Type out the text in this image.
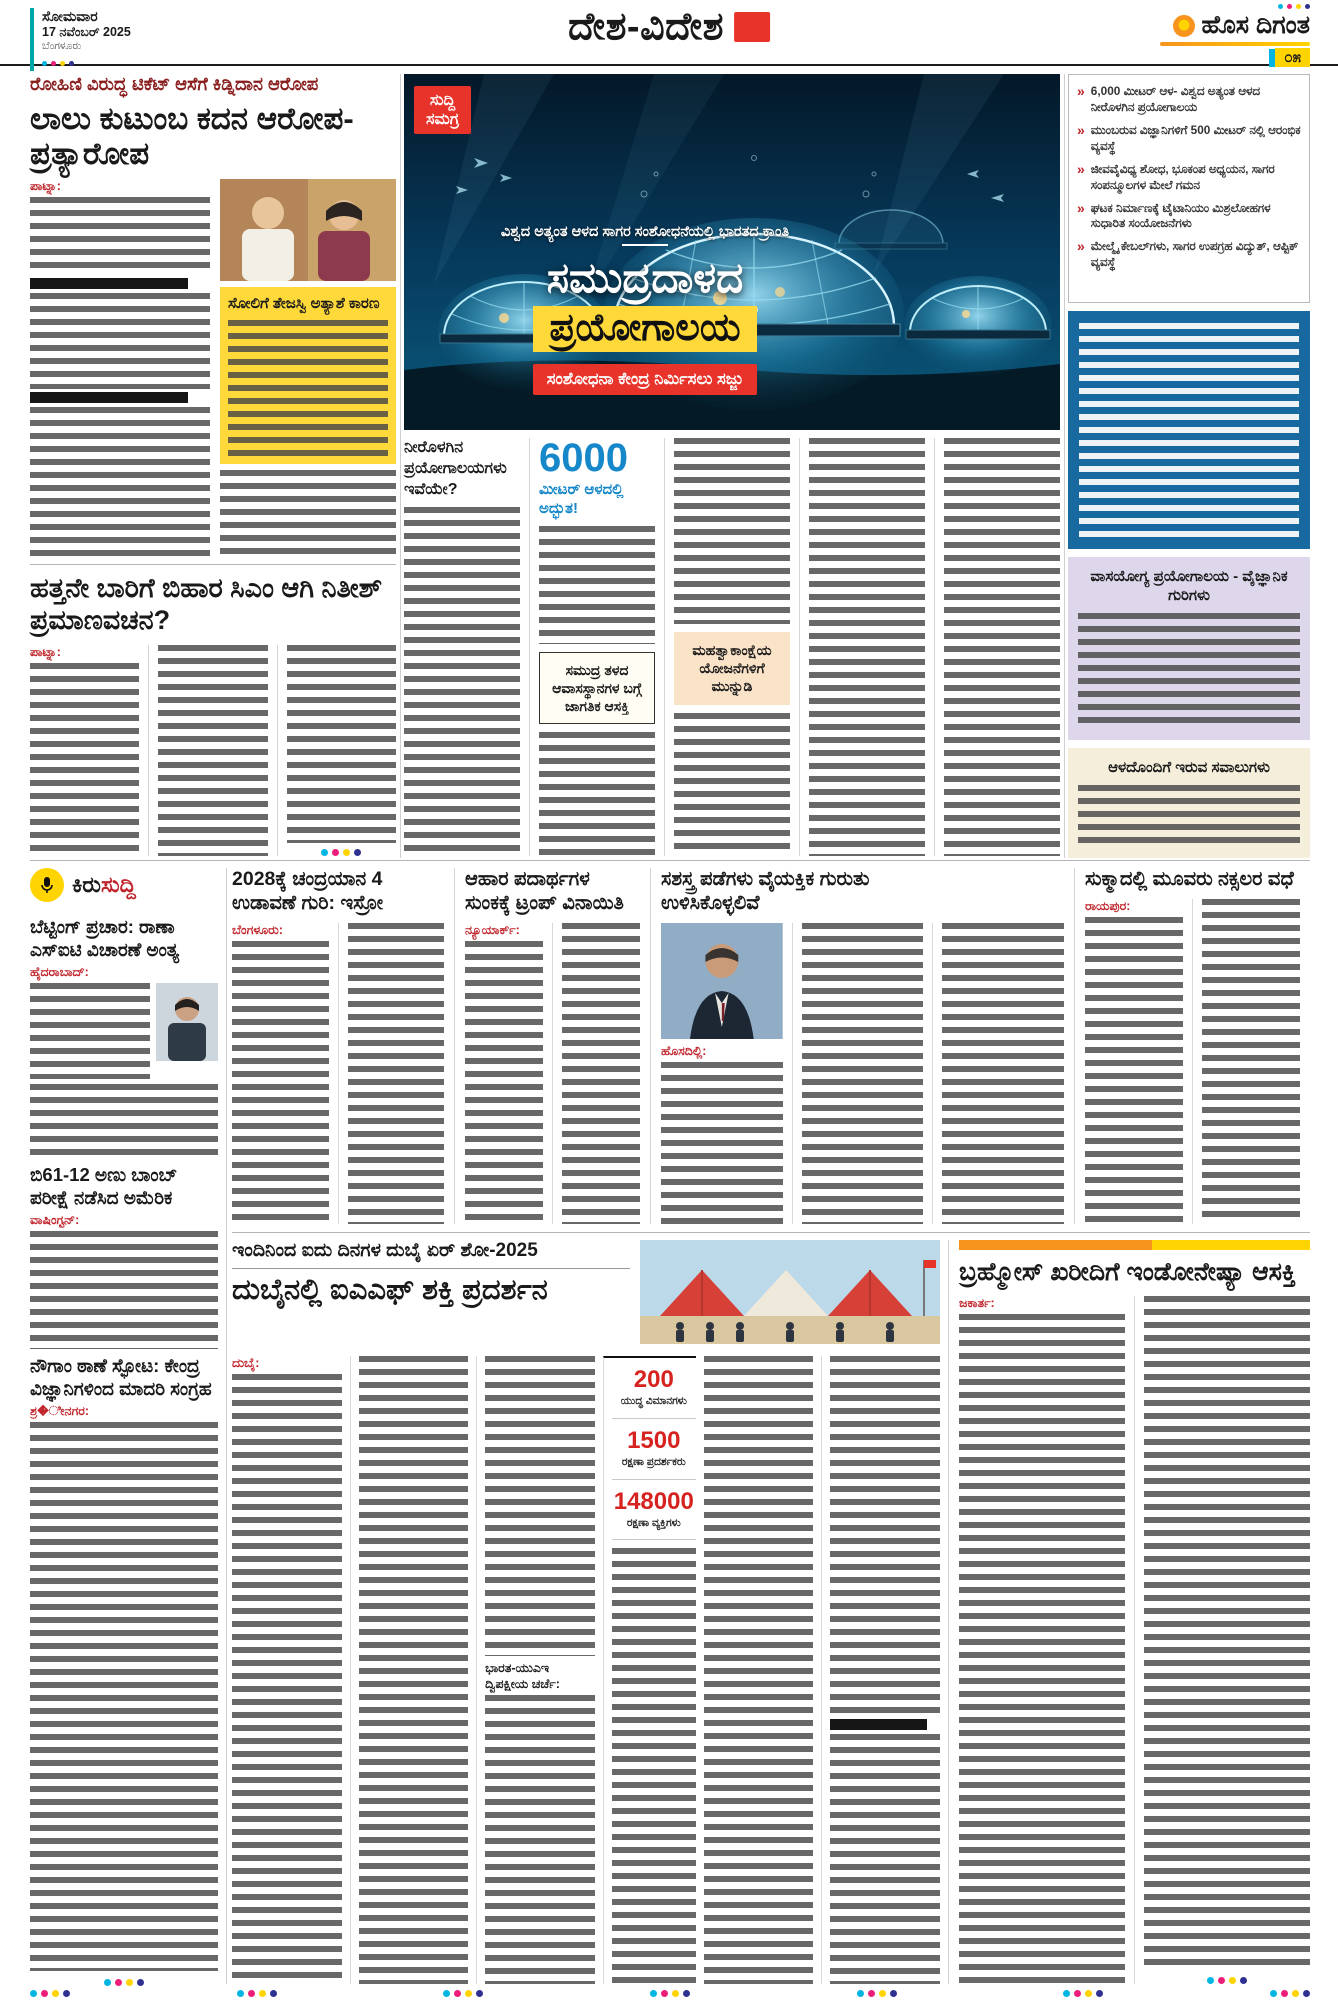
ಸೋಮವಾರ
17 ನವೆಂಬರ್ 2025
ಬೆಂಗಳೂರು	ದೇಶ-ವಿದೇಶ	ಹೊಸ ದಿಗಂತ
೦೫
ರೋಹಿಣಿ ವಿರುದ್ಧ ಟಿಕೆಟ್ ಆಸೆಗೆ ಕಿಡ್ನಿದಾನ ಆರೋಪ
ಲಾಲು ಕುಟುಂಬ ಕದನ ಆರೋಪ-ಪ್ರತ್ಯಾರೋಪ
ಪಾಟ್ನಾ:
ಸೋಲಿಗೆ ತೇಜಸ್ವಿ ಅತ್ಯಾಶೆ ಕಾರಣ
ಹತ್ತನೇ ಬಾರಿಗೆ ಬಿಹಾರ ಸಿಎಂ ಆಗಿ ನಿತೀಶ್ ಪ್ರಮಾಣವಚನ?
ಪಾಟ್ನಾ:
ಸುದ್ದಿ
ಸಮಗ್ರ
ವಿಶ್ವದ ಅತ್ಯಂತ ಆಳದ ಸಾಗರ ಸಂಶೋಧನೆಯಲ್ಲಿ ಭಾರತದ ಕ್ರಾಂತಿ
ಸಮುದ್ರದಾಳದ
ಪ್ರಯೋಗಾಲಯ
ಸಂಶೋಧನಾ ಕೇಂದ್ರ ನಿರ್ಮಿಸಲು ಸಜ್ಜು
ನೀರೊಳಗಿನ ಪ್ರಯೋಗಾಲಯಗಳು ಇವೆಯೇ?
6000
ಮೀಟರ್ ಆಳದಲ್ಲಿ ಅದ್ಭುತ!
ಸಮುದ್ರ ತಳದ ಆವಾಸಸ್ಥಾನಗಳ ಬಗ್ಗೆ ಜಾಗತಿಕ ಆಸಕ್ತಿ
ಮಹತ್ವಾಕಾಂಕ್ಷೆಯ ಯೋಜನೆಗಳಿಗೆ ಮುನ್ನುಡಿ
» 6,000 ಮೀಟರ್ ಆಳ- ವಿಶ್ವದ ಅತ್ಯಂತ ಆಳದ ನೀರೊಳಗಿನ ಪ್ರಯೋಗಾಲಯ
» ಮುಂಬರುವ ವಿಜ್ಞಾನಿಗಳಿಗೆ 500 ಮೀಟರ್ ನಲ್ಲಿ ಆರಂಭಿಕ ವ್ಯವಸ್ಥೆ
» ಜೀವವೈವಿಧ್ಯ ಶೋಧ, ಭೂಕಂಪ ಅಧ್ಯಯನ, ಸಾಗರ ಸಂಪನ್ಮೂಲಗಳ ಮೇಲೆ ಗಮನ
» ಘಟಕ ನಿರ್ಮಾಣಕ್ಕೆ ಟೈಟಾನಿಯಂ ಮಿಶ್ರಲೋಹಗಳ ಸುಧಾರಿತ ಸಂಯೋಜನೆಗಳು
» ಮೇಲ್ಮೈ ಕೇಬಲ್‌ಗಳು, ಸಾಗರ ಉಪಗ್ರಹ ವಿದ್ಯುತ್, ಆಪ್ಟಿಕ್ ವ್ಯವಸ್ಥೆ
ವಾಸಯೋಗ್ಯ ಪ್ರಯೋಗಾಲಯ - ವೈಜ್ಞಾನಿಕ ಗುರಿಗಳು
ಆಳದೊಂದಿಗೆ ಇರುವ ಸವಾಲುಗಳು
ಕಿರುಸುದ್ದಿ
ಬೆಟ್ಟಿಂಗ್ ಪ್ರಚಾರ: ರಾಣಾ ಎಸ್‌ಐಟಿ ವಿಚಾರಣೆ ಅಂತ್ಯ
ಹೈದರಾಬಾದ್:
ಬಿ61-12 ಅಣು ಬಾಂಬ್ ಪರೀಕ್ಷೆ ನಡೆಸಿದ ಅಮೆರಿಕ
ವಾಷಿಂಗ್ಟನ್:
ನೌಗಾಂ ಠಾಣೆ ಸ್ಫೋಟ: ಕೇಂದ್ರ ವಿಜ್ಞಾನಿಗಳಿಂದ ಮಾದರಿ ಸಂಗ್ರಹ
ಶ್ರ�ೀನಗರ:
2028ಕ್ಕೆ ಚಂದ್ರಯಾನ 4 ಉಡಾವಣೆ ಗುರಿ: ಇಸ್ರೋ
ಬೆಂಗಳೂರು:
ಆಹಾರ ಪದಾರ್ಥಗಳ ಸುಂಕಕ್ಕೆ ಟ್ರಂಪ್ ವಿನಾಯಿತಿ
ನ್ಯೂಯಾರ್ಕ್:
ಸಶಸ್ತ್ರ ಪಡೆಗಳು ವೈಯಕ್ತಿಕ ಗುರುತು ಉಳಿಸಿಕೊಳ್ಳಲಿವೆ
ಹೊಸದಿಲ್ಲಿ:
ಸುಕ್ಮಾದಲ್ಲಿ ಮೂವರು ನಕ್ಸಲರ ವಧೆ
ರಾಯಪುರ:
ಇಂದಿನಿಂದ ಐದು ದಿನಗಳ ದುಬೈ ಏರ್ ಶೋ-2025
ದುಬೈನಲ್ಲಿ ಐಎಎಫ್ ಶಕ್ತಿ ಪ್ರದರ್ಶನ
ದುಬೈ:
ಭಾರತ-ಯುಎಇ ದ್ವಿಪಕ್ಷೀಯ ಚರ್ಚೆ:
200
ಯುದ್ಧ ವಿಮಾನಗಳು
1500
ರಕ್ಷಣಾ ಪ್ರದರ್ಶಕರು
148000
ರಕ್ಷಣಾ ವ್ಯಕ್ತಿಗಳು
ಬ್ರಹ್ಮೋಸ್ ಖರೀದಿಗೆ ಇಂಡೋನೇಷ್ಯಾ ಆಸಕ್ತಿ
ಜಕಾರ್ತ:
